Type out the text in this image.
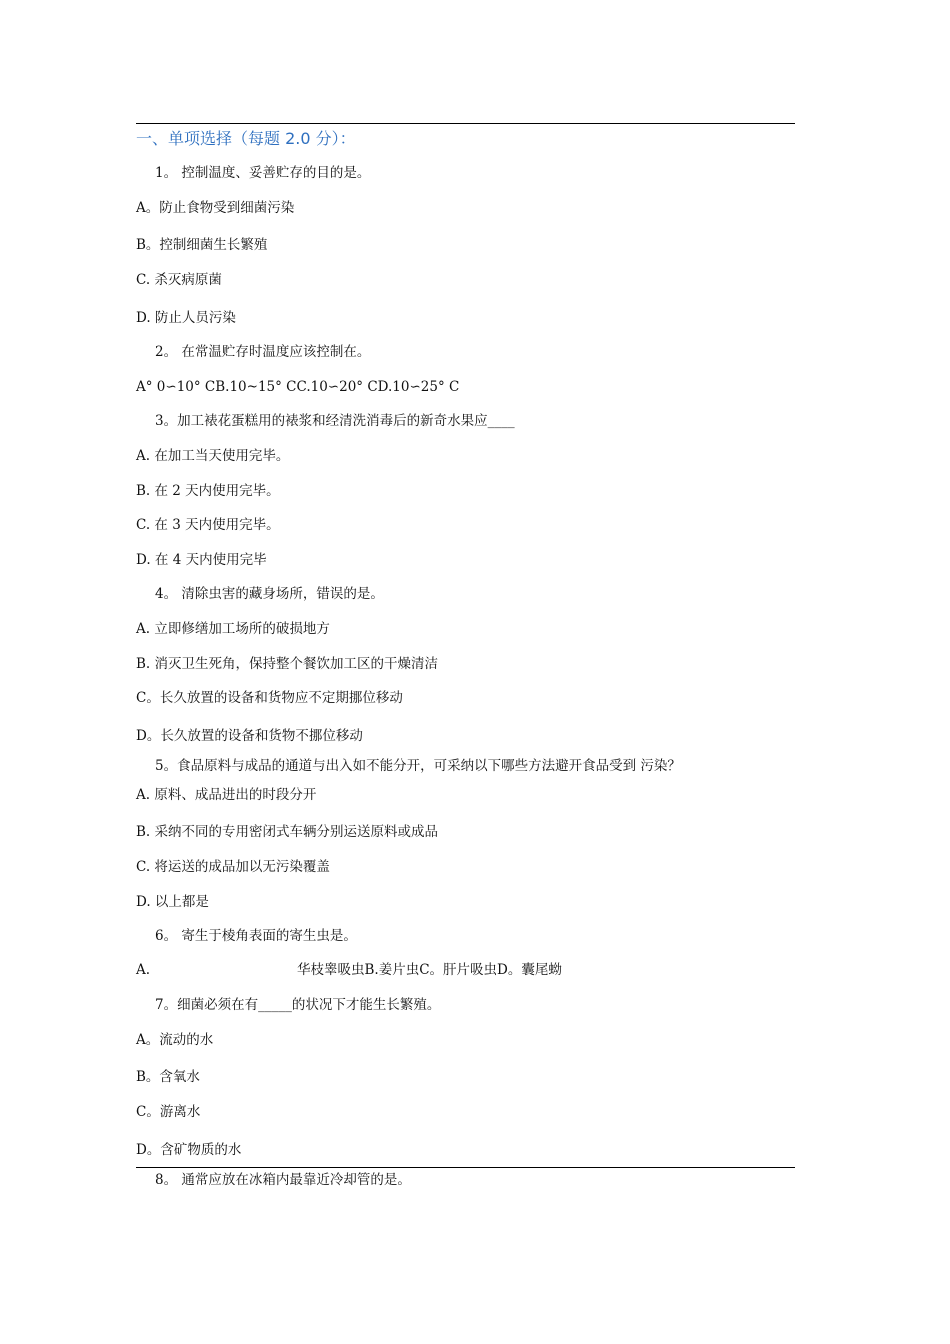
一、单项选择（每题 2.0 分）：
1。 控制温度、妥善贮存的目的是。
A。防止食物受到细菌污染
B。控制细菌生长繁殖
C. 杀灭病原菌
D. 防止人员污染
2。 在常温贮存时温度应该控制在。
A° 0∽10° CB.10~15° CC.10∽20° CD.10∽25° C
3。加工裱花蛋糕用的裱浆和经清洗消毒后的新奇水果应____
A. 在加工当天使用完毕。
B. 在 2 天内使用完毕。
C. 在 3 天内使用完毕。
D. 在 4 天内使用完毕
4。 清除虫害的藏身场所，错误的是。
A. 立即修缮加工场所的破损地方
B. 消灭卫生死角，保持整个餐饮加工区的干燥清洁
C。长久放置的设备和货物应不定期挪位移动
D。长久放置的设备和货物不挪位移动
5。食品原料与成品的通道与出入如不能分开，可采纳以下哪些方法避开食品受到 污染？
A. 原料、成品进出的时段分开
B. 采纳不同的专用密闭式车辆分别运送原料或成品
C. 将运送的成品加以无污染覆盖
D. 以上都是
6。 寄生于棱角表面的寄生虫是。
A.	华枝睾吸虫B.姜片虫C。肝片吸虫D。囊尾蚴
7。细菌必须在有_____的状况下才能生长繁殖。
A。流动的水
B。含氧水
C。游离水
D。含矿物质的水
8。 通常应放在冰箱内最靠近冷却管的是。
